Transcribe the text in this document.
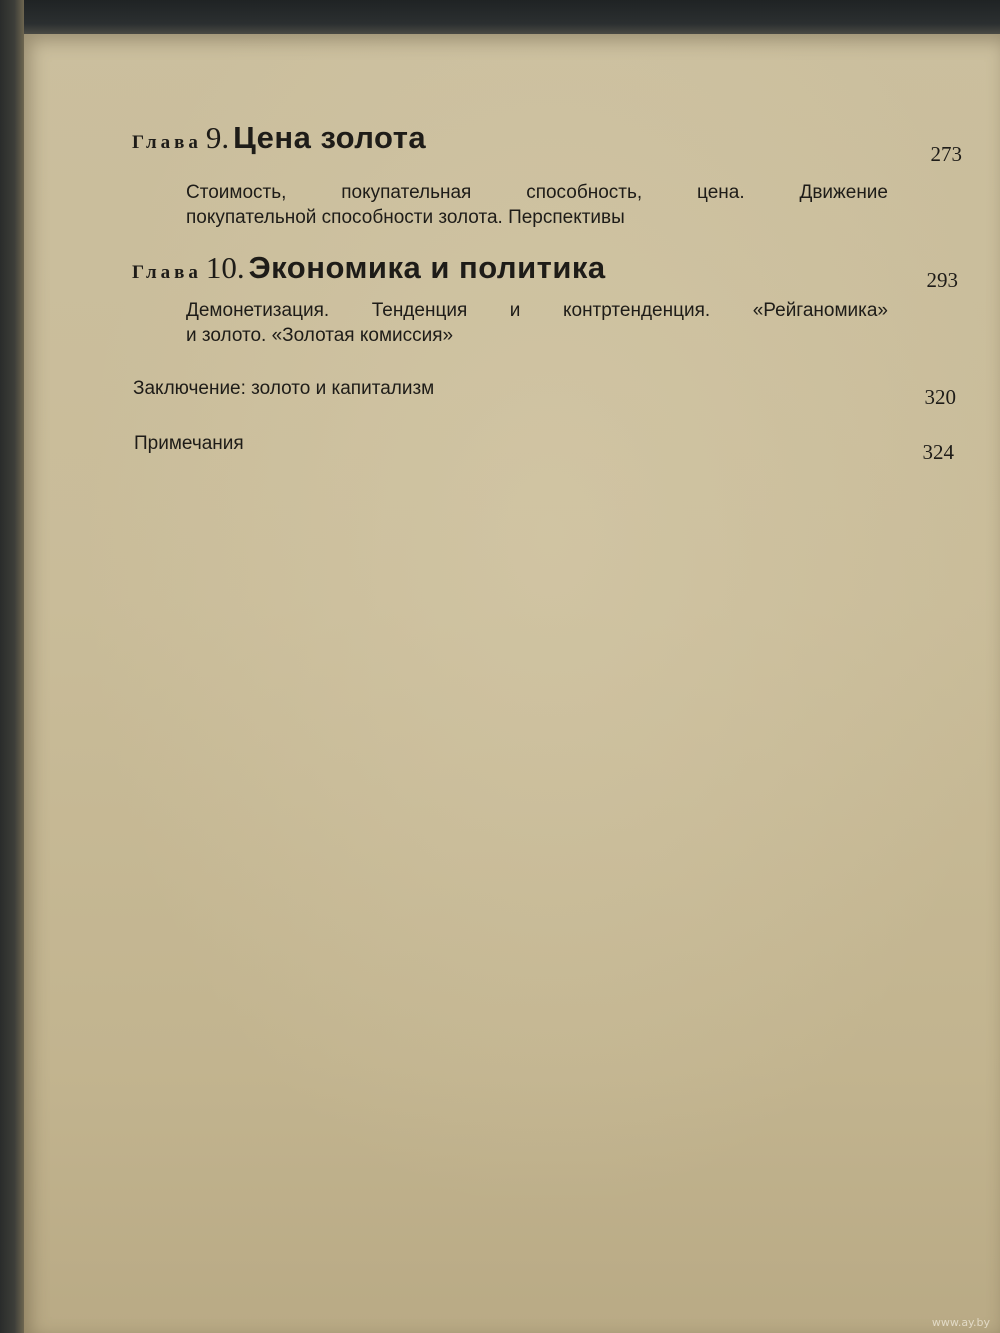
Глава 9. Цена золота	273
Стоимость, покупательная способность, цена. Движение
покупательной способности золота. Перспективы
Глава 10. Экономика и политика	293
Демонетизация. Тенденция и контртенденция. «Рейганомика»
и золото. «Золотая комиссия»
Заключение: золото и капитализм	320
Примечания	324
www.ay.by
